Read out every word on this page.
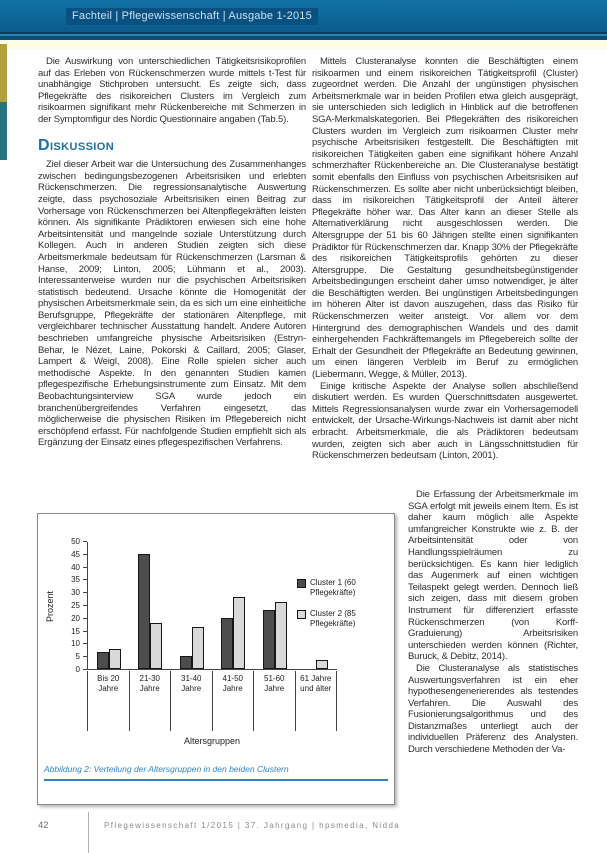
Fachteil | Pflegewissenschaft | Ausgabe 1-2015

Die Auswirkung von unterschiedlichen Tätigkeitsrisikoprofilen auf das Erleben von Rückenschmerzen wurde mittels t-Test für unabhängige Stichproben untersucht. Es zeigte sich, dass Pflegekräfte des risikoreichen Clusters im Vergleich zum risikoarmen signifikant mehr Rückenbereiche mit Schmerzen in der Symptomfigur des Nordic Questionnaire angaben (Tab.5).

Diskussion

Ziel dieser Arbeit war die Untersuchung des Zusammenhanges zwischen bedingungsbezogenen Arbeitsrisiken und erlebten Rückenschmerzen. Die regressionsanalytische Auswertung zeigte, dass psychosoziale Arbeitsrisiken einen Beitrag zur Vorhersage von Rückenschmerzen bei Altenpflegekräften leisten können. Als signifikante Prädiktoren erwiesen sich eine hohe Arbeitsintensität und mangelnde soziale Unterstützung durch Kollegen. Auch in anderen Studien zeigten sich diese Arbeitsmerkmale bedeutsam für Rückenschmerzen (Larsman & Hanse, 2009; Linton, 2005; Lühmann et al., 2003). Interessanterweise wurden nur die psychischen Arbeitsrisiken statistisch bedeutend. Ursache könnte die Homogenität der physischen Arbeitsmerkmale sein, da es sich um eine einheitliche Berufsgruppe, Pflegekräfte der stationären Altenpflege, mit vergleichbarer technischer Ausstattung handelt. Andere Autoren beschrieben umfangreiche physische Arbeitsrisiken (Estryn-Behar, le Nézet, Laine, Pokorski & Caillard, 2005; Glaser, Lampert & Weigl, 2008). Eine Rolle spielen sicher auch methodische Aspekte. In den genannten Studien kamen pflegespezifische Erhebungsinstrumente zum Einsatz. Mit dem Beobachtungsinterview SGA wurde jedoch ein branchenübergreifendes Verfahren eingesetzt, das möglicherweise die physischen Risiken im Pflegebereich nicht erschöpfend erfasst. Für nachfolgende Studien empfiehlt sich als Ergänzung der Einsatz eines pflegespezifischen Verfahrens.

Mittels Clusteranalyse konnten die Beschäftigten einem risikoarmen und einem risikoreichen Tätigkeitsprofil (Cluster) zugeordnet werden. Die Anzahl der ungünstigen physischen Arbeitsmerkmale war in beiden Profilen etwa gleich ausgeprägt, sie unterschieden sich lediglich in Hinblick auf die betroffenen SGA-Merkmalskategorien. Bei Pflegekräften des risikoreichen Clusters wurden im Vergleich zum risikoarmen Cluster mehr psychische Arbeitsrisiken festgestellt. Die Beschäftigten mit risikoreichen Tätigkeiten gaben eine signifikant höhere Anzahl schmerzhafter Rückenbereiche an. Die Clusteranalyse bestätigt somit ebenfalls den Einfluss von psychischen Arbeitsrisiken auf Rückenschmerzen. Es sollte aber nicht unberücksichtigt bleiben, dass im risikoreichen Tätigkeitsprofil der Anteil älterer Pflegekräfte höher war. Das Alter kann an dieser Stelle als Alternativerklärung nicht ausgeschlossen werden. Die Altersgruppe der 51 bis 60 Jährigen stellte einen signifikanten Prädiktor für Rückenschmerzen dar. Knapp 30% der Pflegekräfte des risikoreichen Tätigkeitsprofils gehörten zu dieser Altersgruppe. Die Gestaltung gesundheitsbegünstigender Arbeitsbedingungen erscheint daher umso notwendiger, je älter die Beschäftigten werden. Bei ungünstigen Arbeitsbedingungen im höheren Alter ist davon auszugehen, dass das Risiko für Rückenschmerzen weiter ansteigt. Vor allem vor dem Hintergrund des demographischen Wandels und des damit einhergehenden Fachkräftemangels im Pflegebereich sollte der Erhalt der Gesundheit der Pflegekräfte an Bedeutung gewinnen, um einen längeren Verbleib im Beruf zu ermöglichen (Liebermann, Wegge, & Müller, 2013).

Einige kritische Aspekte der Analyse sollen abschließend diskutiert werden. Es wurden Querschnittsdaten ausgewertet. Mittels Regressionsanalysen wurde zwar ein Vorhersagemodell entwickelt, der Ursache-Wirkungs-Nachweis ist damit aber nicht erbracht. Arbeitsmerkmale, die als Prädiktoren bedeutsam wurden, zeigten sich aber auch in Längsschnittstudien für Rückenschmerzen bedeutsam (Linton, 2001).

Die Erfassung der Arbeitsmerkmale im SGA erfolgt mit jeweils einem Item. Es ist daher kaum möglich alle Aspekte umfangreicher Konstrukte wie z. B. der Arbeitsintensität oder von Handlungsspielräumen zu berücksichtigen. Es kann hier lediglich das Augenmerk auf einen wichtigen Teilaspekt gelegt werden. Dennoch ließ sich zeigen, dass mit diesem groben Instrument für differenziert erfasste Rückenschmerzen (von Korff-Graduierung) Arbeitsrisiken unterschieden werden können (Richter, Buruck, & Debitz, 2014).

Die Clusteranalyse als statistisches Auswertungsverfahren ist ein eher hypothesengenerierendes als testendes Verfahren. Die Auswahl des Fusionierungsalgorithmus und des Distanzmaßes unterliegt auch der individuellen Präferenz des Analysten. Durch verschiedene Methoden der Va-

Prozent
0
5
10
15
20
25
30
35
40
45
50
Bis 20 Jahre
21-30 Jahre
31-40 Jahre
41-50 Jahre
51-60 Jahre
61 Jahre und älter
Altersgruppen
Cluster 1 (60 Pflegekräfte)
Cluster 2 (85 Pflegekräfte)
Abbildung 2: Verteilung der Altersgruppen in den beiden Clustern
42	Pflegewissenschaft 1/2015 | 37. Jahrgang | hpsmedia, Nidda
